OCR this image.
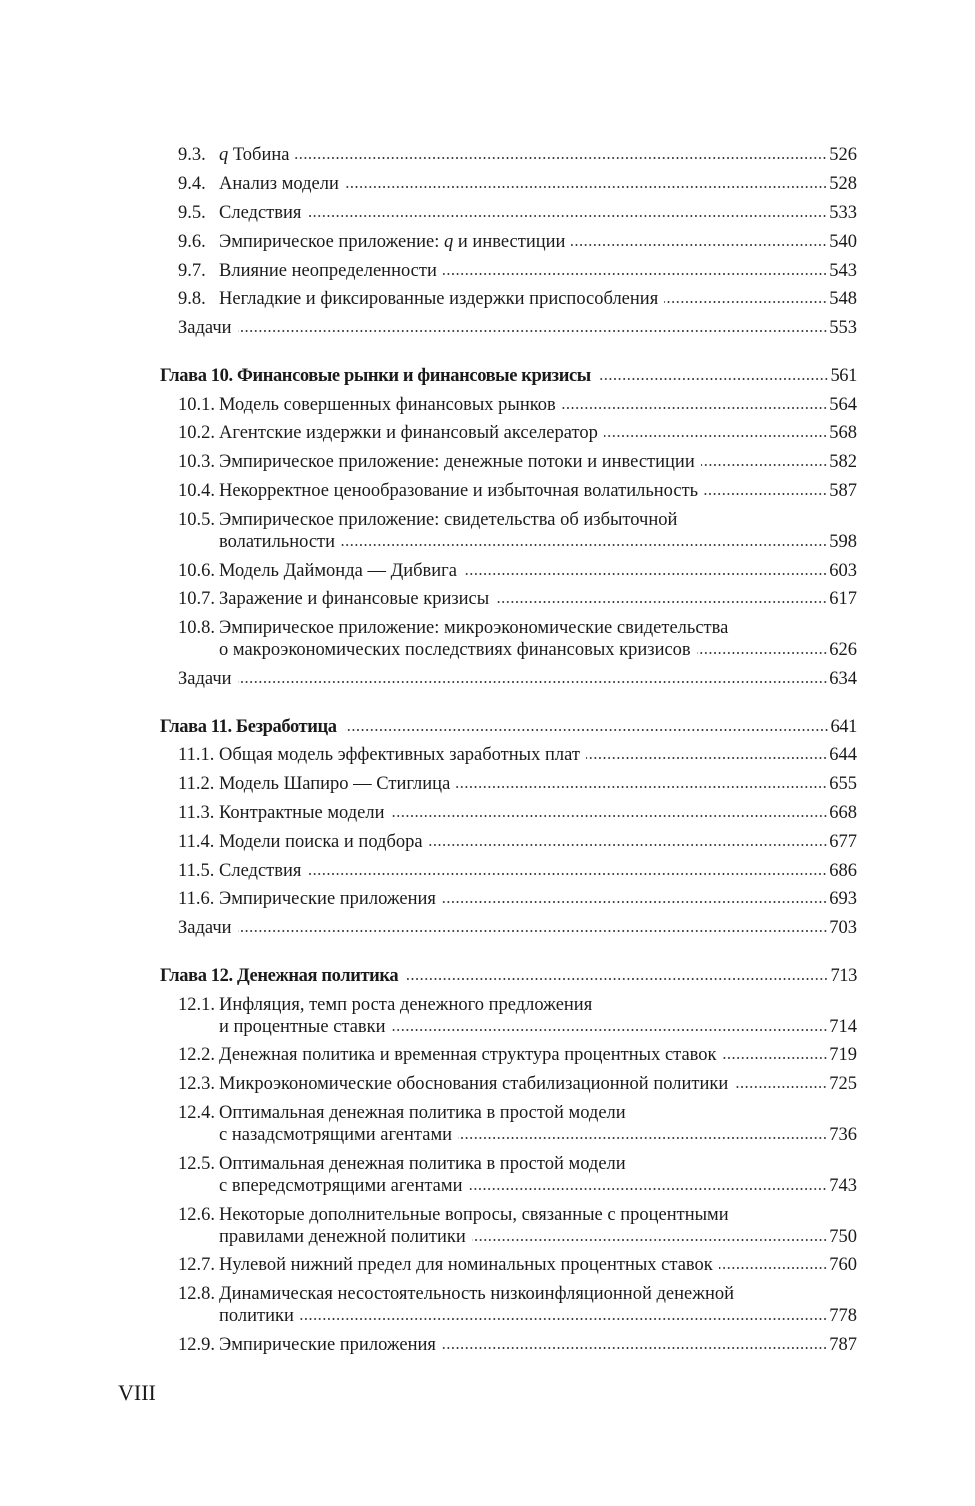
9.3. q Тобина	526
9.4. Анализ модели	528
9.5. Следствия	533
9.6. Эмпирическое приложение: q и инвестиции	540
9.7. Влияние неопределенности	543
9.8. Негладкие и фиксированные издержки приспособления	548
Задачи	553
Глава 10. Финансовые рынки и финансовые кризисы	561
10.1. Модель совершенных финансовых рынков	564
10.2. Агентские издержки и финансовый акселератор	568
10.3. Эмпирическое приложение: денежные потоки и инвестиции	582
10.4. Некорректное ценообразование и избыточная волатильность	587
10.5. Эмпирическое приложение: свидетельства об избыточной
волатильности	598
10.6. Модель Даймонда — Дибвига	603
10.7. Заражение и финансовые кризисы	617
10.8. Эмпирическое приложение: микроэкономические свидетельства
о макроэкономических последствиях финансовых кризисов	626
Задачи	634
Глава 11. Безработица	641
11.1. Общая модель эффективных заработных плат	644
11.2. Модель Шапиро — Стиглица	655
11.3. Контрактные модели	668
11.4. Модели поиска и подбора	677
11.5. Следствия	686
11.6. Эмпирические приложения	693
Задачи	703
Глава 12. Денежная политика	713
12.1. Инфляция, темп роста денежного предложения
и процентные ставки	714
12.2. Денежная политика и временная структура процентных ставок	719
12.3. Микроэкономические обоснования стабилизационной политики	725
12.4. Оптимальная денежная политика в простой модели
с назадсмотрящими агентами	736
12.5. Оптимальная денежная политика в простой модели
с впередсмотрящими агентами	743
12.6. Некоторые дополнительные вопросы, связанные с процентными
правилами денежной политики	750
12.7. Нулевой нижний предел для номинальных процентных ставок	760
12.8. Динамическая несостоятельность низкоинфляционной денежной
политики	778
12.9. Эмпирические приложения	787
VIII
